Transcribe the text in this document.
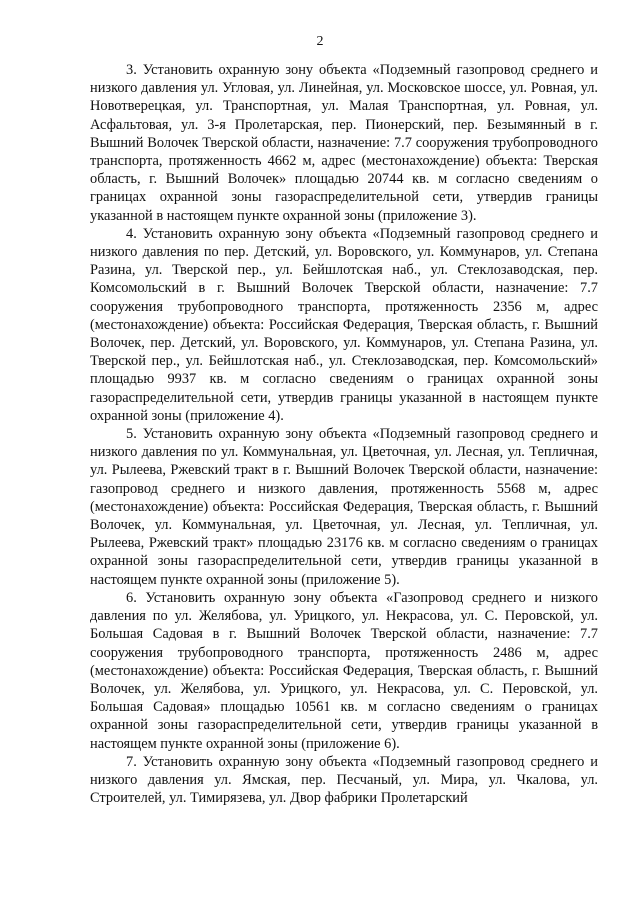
2

3. Установить охранную зону объекта «Подземный газопровод среднего и низкого давления ул. Угловая, ул. Линейная, ул. Московское шоссе, ул. Ровная, ул. Новотверецкая, ул. Транспортная, ул. Малая Транспортная, ул. Ровная, ул. Асфальтовая, ул. 3-я Пролетарская, пер. Пионерский, пер. Безымянный в г. Вышний Волочек Тверской области, назначение: 7.7 сооружения трубопроводного транспорта, протяженность 4662 м, адрес (местонахождение) объекта: Тверская область, г. Вышний Волочек» площадью 20744 кв. м согласно сведениям о границах охранной зоны газораспределительной сети, утвердив границы указанной в настоящем пункте охранной зоны (приложение 3).

4. Установить охранную зону объекта «Подземный газопровод среднего и низкого давления по пер. Детский, ул. Воровского, ул. Коммунаров, ул. Степана Разина, ул. Тверской пер., ул. Бейшлотская наб., ул. Стеклозаводская, пер. Комсомольский в г. Вышний Волочек Тверской области, назначение: 7.7 сооружения трубопроводного транспорта, протяженность 2356 м, адрес (местонахождение) объекта: Российская Федерация, Тверская область, г. Вышний Волочек, пер. Детский, ул. Воровского, ул. Коммунаров, ул. Степана Разина, ул. Тверской пер., ул. Бейшлотская наб., ул. Стеклозаводская, пер. Комсомольский» площадью 9937 кв. м согласно сведениям о границах охранной зоны газораспределительной сети, утвердив границы указанной в настоящем пункте охранной зоны (приложение 4).

5. Установить охранную зону объекта «Подземный газопровод среднего и низкого давления по ул. Коммунальная, ул. Цветочная, ул. Лесная, ул. Тепличная, ул. Рылеева, Ржевский тракт в г. Вышний Волочек Тверской области, назначение: газопровод среднего и низкого давления, протяженность 5568 м, адрес (местонахождение) объекта: Российская Федерация, Тверская область, г. Вышний Волочек, ул. Коммунальная, ул. Цветочная, ул. Лесная, ул. Тепличная, ул. Рылеева, Ржевский тракт» площадью 23176 кв. м согласно сведениям о границах охранной зоны газораспределительной сети, утвердив границы указанной в настоящем пункте охранной зоны (приложение 5).

6. Установить охранную зону объекта «Газопровод среднего и низкого давления по ул. Желябова, ул. Урицкого, ул. Некрасова, ул. С. Перовской, ул. Большая Садовая в г. Вышний Волочек Тверской области, назначение: 7.7 сооружения трубопроводного транспорта, протяженность 2486 м, адрес (местонахождение) объекта: Российская Федерация, Тверская область, г. Вышний Волочек, ул. Желябова, ул. Урицкого, ул. Некрасова, ул. С. Перовской, ул. Большая Садовая» площадью 10561 кв. м согласно сведениям о границах охранной зоны газораспределительной сети, утвердив границы указанной в настоящем пункте охранной зоны (приложение 6).

7. Установить охранную зону объекта «Подземный газопровод среднего и низкого давления ул. Ямская, пер. Песчаный, ул. Мира, ул. Чкалова, ул. Строителей, ул. Тимирязева, ул. Двор фабрики Пролетарский
